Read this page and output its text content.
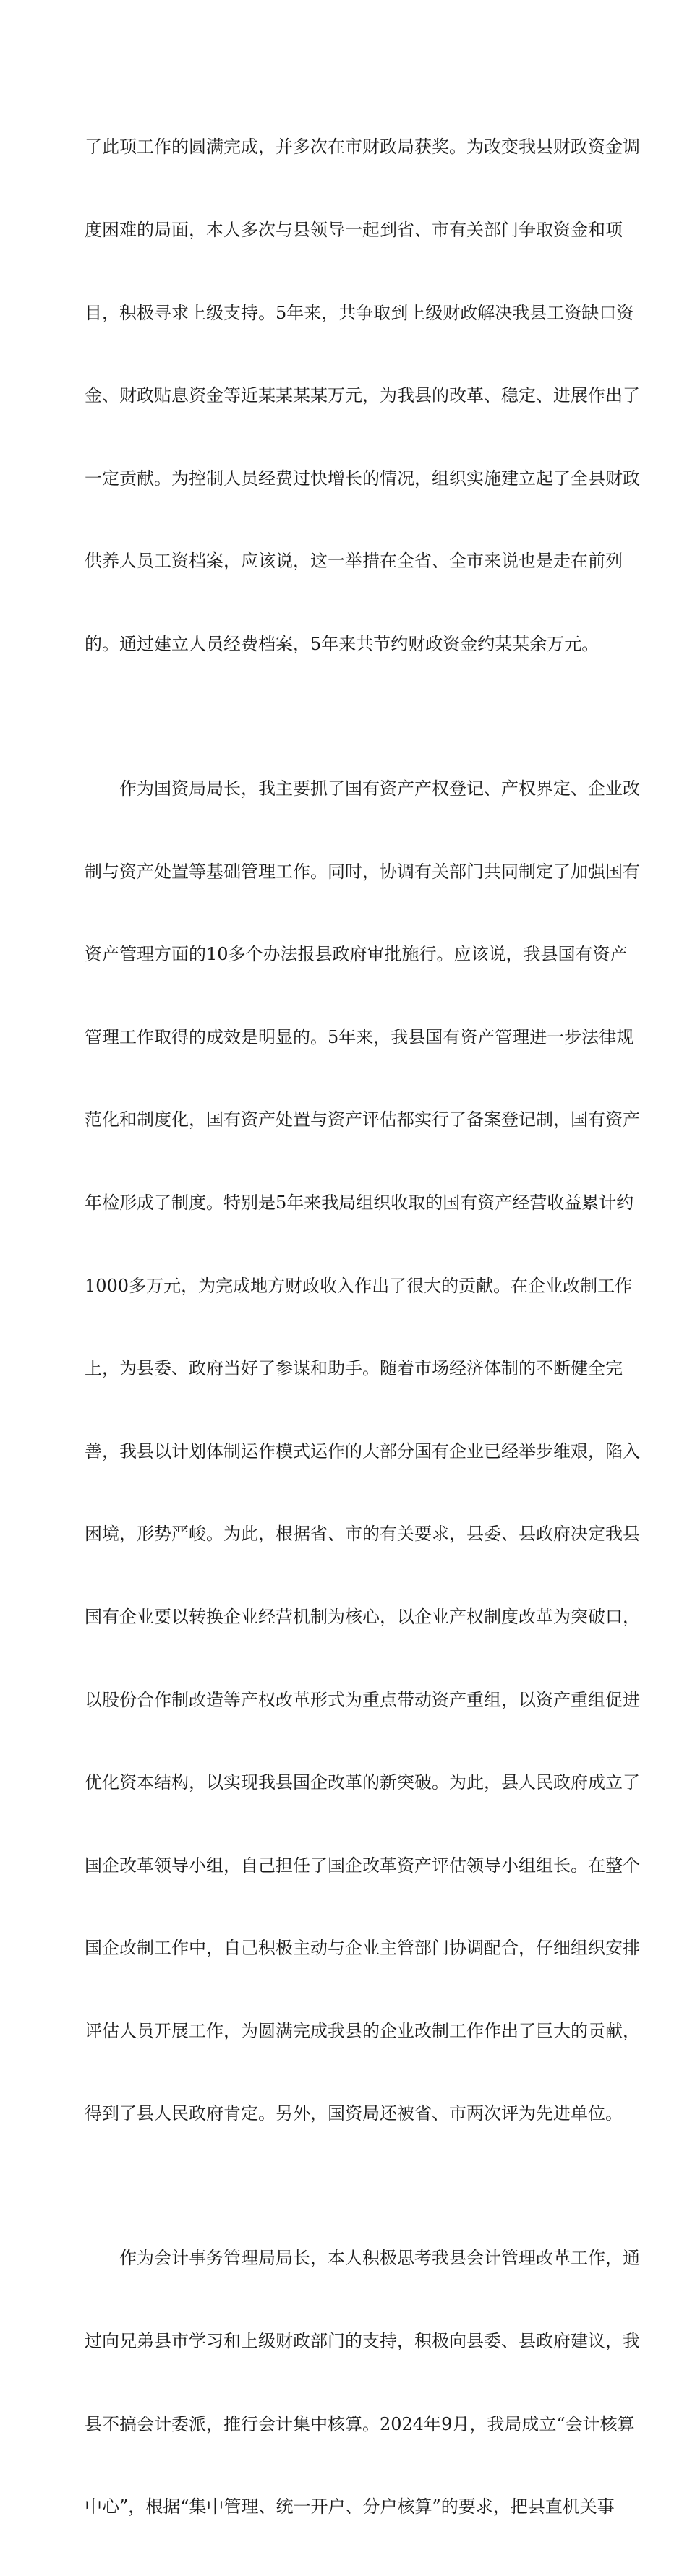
了此项工作的圆满完成，并多次在市财政局获奖。为改变我县财政资金调

度困难的局面，本人多次与县领导一起到省、市有关部门争取资金和项

目，积极寻求上级支持。5年来，共争取到上级财政解决我县工资缺口资

金、财政贴息资金等近某某某某万元，为我县的改革、稳定、进展作出了

一定贡献。为控制人员经费过快增长的情况，组织实施建立起了全县财政

供养人员工资档案，应该说，这一举措在全省、全市来说也是走在前列

的。通过建立人员经费档案，5年来共节约财政资金约某某余万元。

作为国资局局长，我主要抓了国有资产产权登记、产权界定、企业改

制与资产处置等基础管理工作。同时，协调有关部门共同制定了加强国有

资产管理方面的10多个办法报县政府审批施行。应该说，我县国有资产

管理工作取得的成效是明显的。5年来，我县国有资产管理进一步法律规

范化和制度化，国有资产处置与资产评估都实行了备案登记制，国有资产

年检形成了制度。特别是5年来我局组织收取的国有资产经营收益累计约

1000多万元，为完成地方财政收入作出了很大的贡献。在企业改制工作

上，为县委、政府当好了参谋和助手。随着市场经济体制的不断健全完

善，我县以计划体制运作模式运作的大部分国有企业已经举步维艰，陷入

困境，形势严峻。为此，根据省、市的有关要求，县委、县政府决定我县

国有企业要以转换企业经营机制为核心，以企业产权制度改革为突破口，

以股份合作制改造等产权改革形式为重点带动资产重组，以资产重组促进

优化资本结构，以实现我县国企改革的新突破。为此，县人民政府成立了

国企改革领导小组，自己担任了国企改革资产评估领导小组组长。在整个

国企改制工作中，自己积极主动与企业主管部门协调配合，仔细组织安排

评估人员开展工作，为圆满完成我县的企业改制工作作出了巨大的贡献，

得到了县人民政府肯定。另外，国资局还被省、市两次评为先进单位。

作为会计事务管理局局长，本人积极思考我县会计管理改革工作，通

过向兄弟县市学习和上级财政部门的支持，积极向县委、县政府建议，我

县不搞会计委派，推行会计集中核算。2024年9月，我局成立“会计核算

中心”，根据“集中管理、统一开户、分户核算”的要求，把县直机关事
